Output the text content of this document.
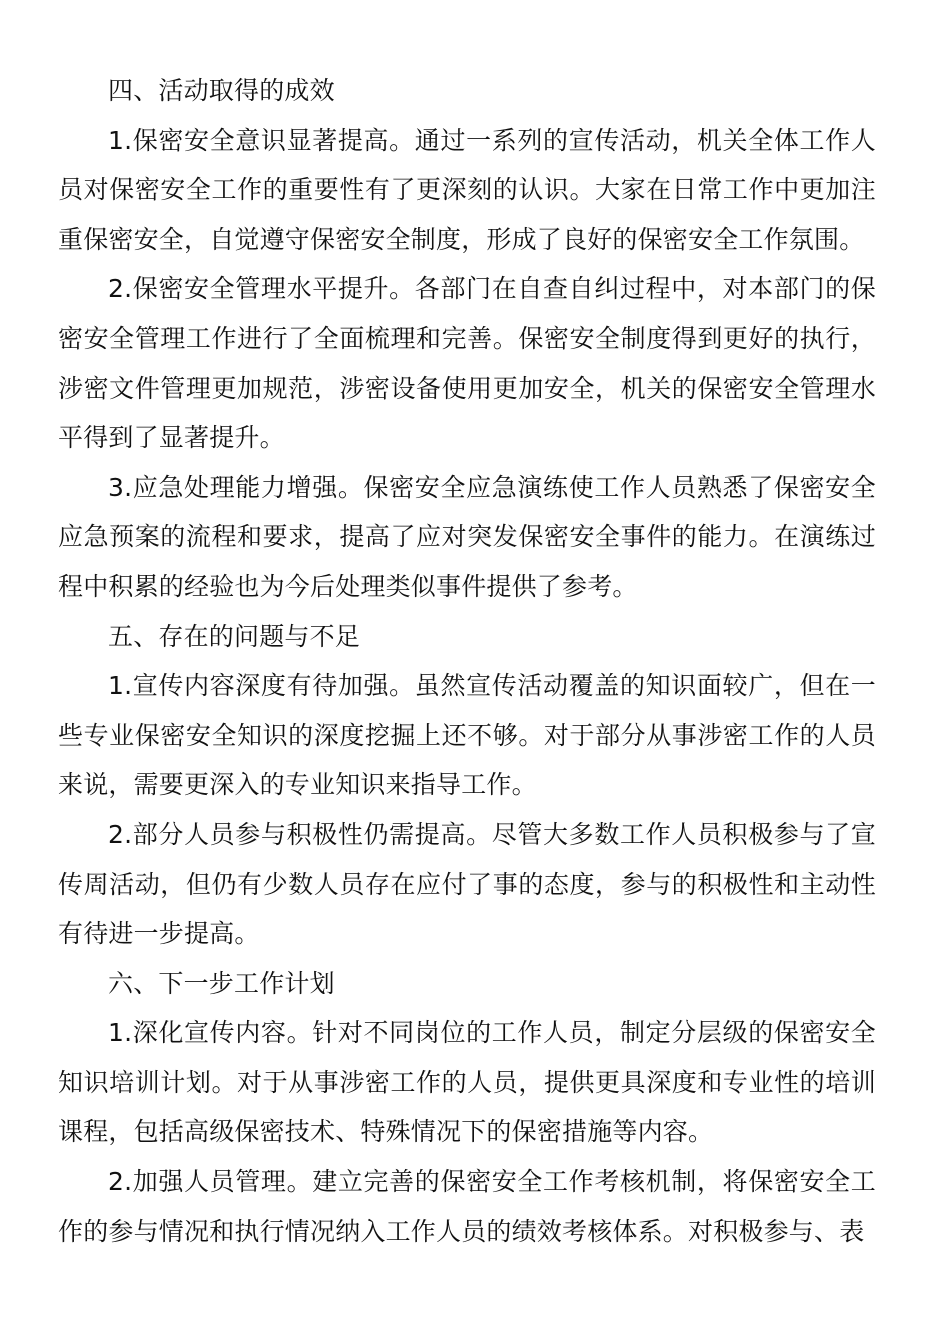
四、活动取得的成效

1.保密安全意识显著提高。通过一系列的宣传活动，机关全体工作人员对保密安全工作的重要性有了更深刻的认识。大家在日常工作中更加注重保密安全，自觉遵守保密安全制度，形成了良好的保密安全工作氛围。

2.保密安全管理水平提升。各部门在自查自纠过程中，对本部门的保密安全管理工作进行了全面梳理和完善。保密安全制度得到更好的执行，涉密文件管理更加规范，涉密设备使用更加安全，机关的保密安全管理水平得到了显著提升。

3.应急处理能力增强。保密安全应急演练使工作人员熟悉了保密安全应急预案的流程和要求，提高了应对突发保密安全事件的能力。在演练过程中积累的经验也为今后处理类似事件提供了参考。

五、存在的问题与不足

1.宣传内容深度有待加强。虽然宣传活动覆盖的知识面较广，但在一些专业保密安全知识的深度挖掘上还不够。对于部分从事涉密工作的人员来说，需要更深入的专业知识来指导工作。

2.部分人员参与积极性仍需提高。尽管大多数工作人员积极参与了宣传周活动，但仍有少数人员存在应付了事的态度，参与的积极性和主动性有待进一步提高。

六、下一步工作计划

1.深化宣传内容。针对不同岗位的工作人员，制定分层级的保密安全知识培训计划。对于从事涉密工作的人员，提供更具深度和专业性的培训课程，包括高级保密技术、特殊情况下的保密措施等内容。

2.加强人员管理。建立完善的保密安全工作考核机制，将保密安全工作的参与情况和执行情况纳入工作人员的绩效考核体系。对积极参与、表
